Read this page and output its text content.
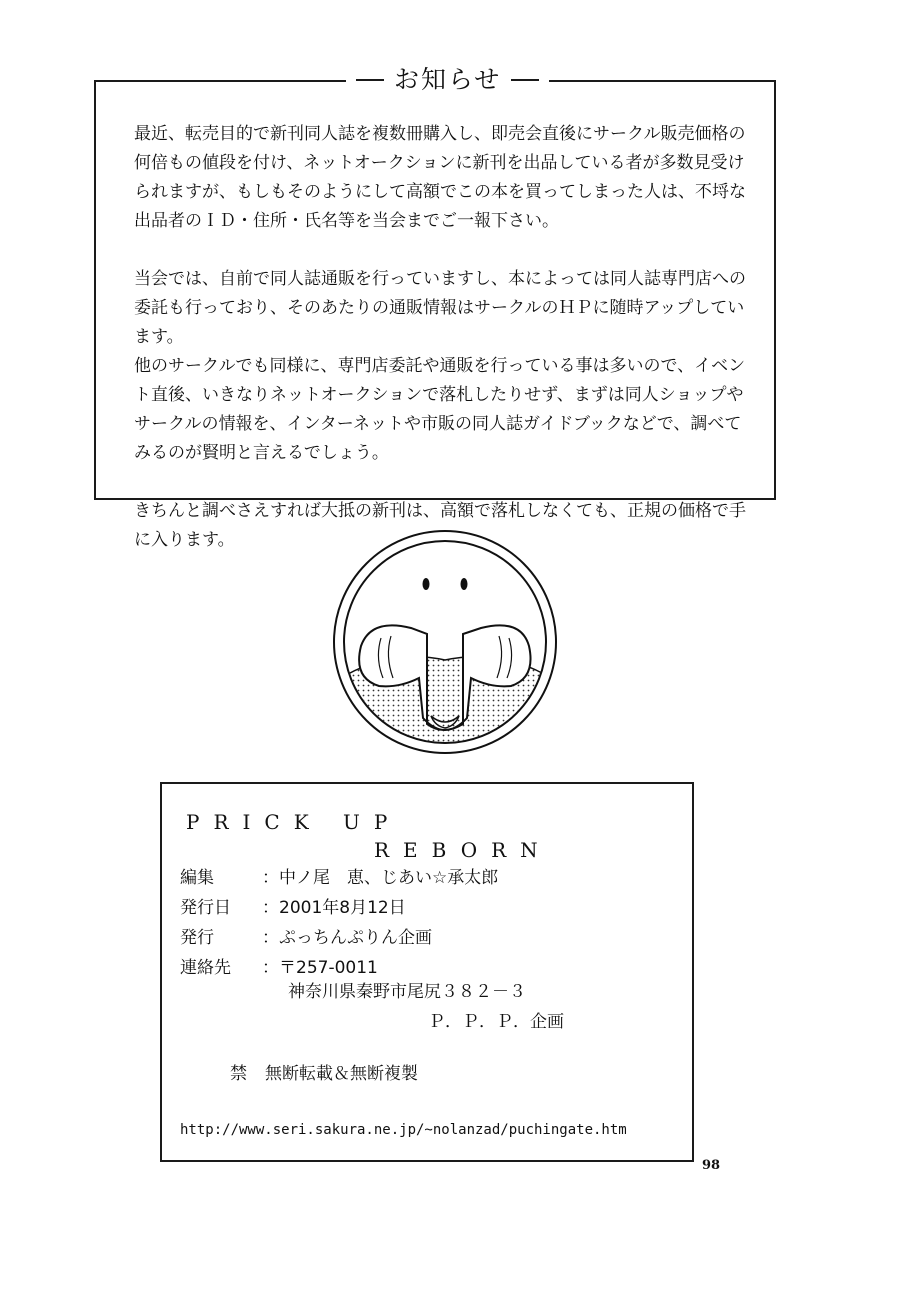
お知らせ

最近、転売目的で新刊同人誌を複数冊購入し、即売会直後にサークル販売価格の何倍もの値段を付け、ネットオークションに新刊を出品している者が多数見受けられますが、もしもそのようにして高額でこの本を買ってしまった人は、不埒な出品者のＩＤ・住所・氏名等を当会までご一報下さい。

当会では、自前で同人誌通販を行っていますし、本によっては同人誌専門店への委託も行っており、そのあたりの通販情報はサークルのＨＰに随時アップしています。

他のサークルでも同様に、専門店委託や通販を行っている事は多いので、イベント直後、いきなりネットオークションで落札したりせず、まずは同人ショップやサークルの情報を、インターネットや市販の同人誌ガイドブックなどで、調べてみるのが賢明と言えるでしょう。

きちんと調べさえすれば大抵の新刊は、高額で落札しなくても、正規の価格で手に入ります。

PRICK UP
REBORN
編集	：中ノ尾　恵、じあい☆承太郎
発行日 ：2001年8月12日
発行	：ぷっちんぷりん企画
連絡先 ：〒257-0011
神奈川県秦野市尾尻３８２－３
Ｐ．Ｐ．Ｐ．企画
禁 無断転載＆無断複製
http://www.seri.sakura.ne.jp/~nolanzad/puchingate.htm
98
